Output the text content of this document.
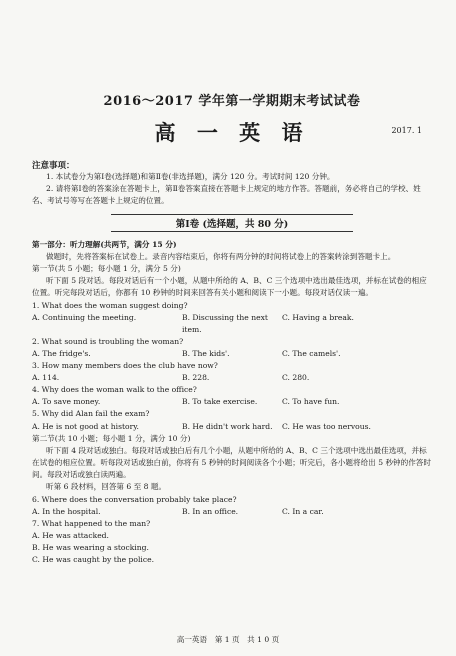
2016～2017 学年第一学期期末考试试卷
高 一 英 语	2017. 1
注意事项：
1. 本试卷分为第Ⅰ卷(选择题)和第Ⅱ卷(非选择题)，满分 120 分。考试时间 120 分钟。
2. 请将第Ⅰ卷的答案涂在答题卡上，第Ⅱ卷答案直接在答题卡上规定的地方作答。答题前，务必将自己的学校、姓名、考试号等写在答题卡上规定的位置。
第Ⅰ卷 (选择题，共 80 分)
第一部分：听力理解(共两节，满分 15 分)
做题时，先将答案标在试卷上。录音内容结束后，你将有两分钟的时间将试卷上的答案转涂到答题卡上。
第一节(共 5 小题；每小题 1 分，满分 5 分)
听下面 5 段对话。每段对话后有一个小题，从题中所给的 A、B、C 三个选项中选出最佳选项，并标在试卷的相应位置。听完每段对话后，你都有 10 秒钟的时间来回答有关小题和阅读下一小题。每段对话仅读一遍。
1. What does the woman suggest doing?
A. Continuing the meeting.	B. Discussing the next item.
C. Having a break.
2. What sound is troubling the woman?
A. The fridge's.	B. The kids'.	C. The camels'.
3. How many members does the club have now?
A. 114.	B. 228.	C. 280.
4. Why does the woman walk to the office?
A. To save money.	B. To take exercise.	C. To have fun.
5. Why did Alan fail the exam?
A. He is not good at history.	B. He didn't work hard.	C. He was too nervous.
第二节(共 10 小题；每小题 1 分，满分 10 分)
听下面 4 段对话或独白。每段对话或独白后有几个小题，从题中所给的 A、B、C 三个选项中选出最佳选项，并标在试卷的相应位置。听每段对话或独白前，你将有 5 秒钟的时间阅读各个小题；听完后，各小题将给出 5 秒钟的作答时间。每段对话或独白读两遍。
听第 6 段材料，回答第 6 至 8 题。
6. Where does the conversation probably take place?
A. In the hospital.	B. In an office.	C. In a car.
7. What happened to the man?
A. He was attacked.
B. He was wearing a stocking.
C. He was caught by the police.
高一英语　第 1 页　共 1 0 页
